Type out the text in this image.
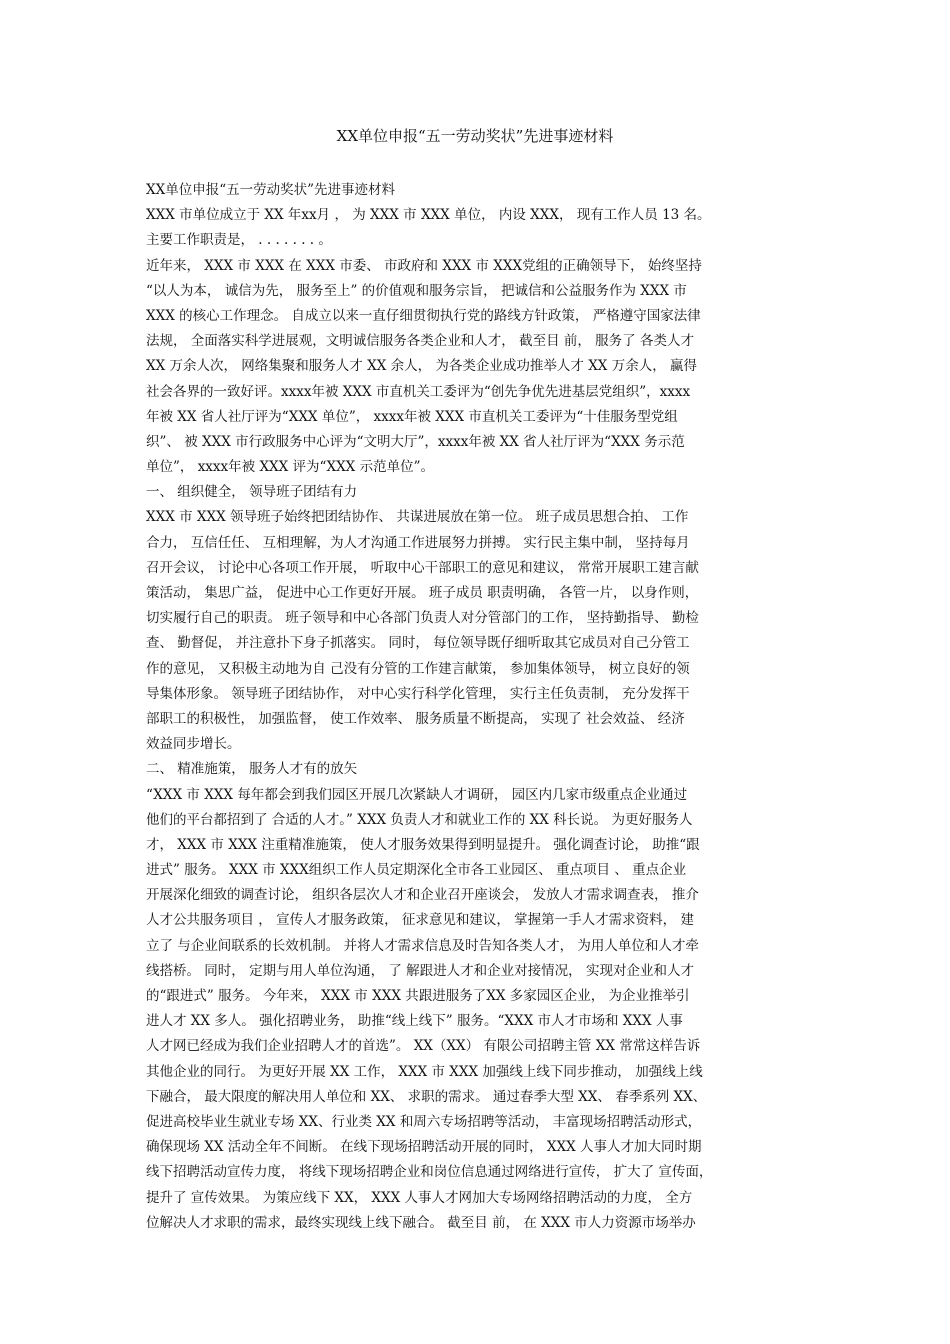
XX单位申报“五一劳动奖状”先进事迹材料
XX单位申报“五一劳动奖状”先进事迹材料
XXX 市单位成立于 XX 年xx月 ， 为 XXX 市 XXX 单位， 内设 XXX， 现有工作人员 13 名。
主要工作职责是， . . . . . . . 。
近年来， XXX 市 XXX 在 XXX 市委、 市政府和 XXX 市 XXX党组的正确领导下， 始终坚持
“以人为本， 诚信为先， 服务至上” 的价值观和服务宗旨， 把诚信和公益服务作为 XXX 市
XXX 的核心工作理念。 自成立以来一直仔细贯彻执行党的路线方针政策， 严格遵守国家法律
法规， 全面落实科学进展观，文明诚信服务各类企业和人才， 截至目 前， 服务了 各类人才
XX 万余人次， 网络集聚和服务人才 XX 余人， 为各类企业成功推举人才 XX 万余人， 赢得
社会各界的一致好评。xxxx年被 XXX 市直机关工委评为“创先争优先进基层党组织”，xxxx
年被 XX 省人社厅评为“XXX 单位”， xxxx年被 XXX 市直机关工委评为“十佳服务型党组
织”、 被 XXX 市行政服务中心评为“文明大厅”，xxxx年被 XX 省人社厅评为“XXX 务示范
单位”， xxxx年被 XXX 评为“XXX 示范单位”。
一、 组织健全， 领导班子团结有力
XXX 市 XXX 领导班子始终把团结协作、 共谋进展放在第一位。 班子成员思想合拍、 工作
合力， 互信任任、 互相理解，为人才沟通工作进展努力拼搏。 实行民主集中制， 坚持每月
召开会议， 讨论中心各项工作开展， 听取中心干部职工的意见和建议， 常常开展职工建言献
策活动， 集思广益， 促进中心工作更好开展。 班子成员 职责明确， 各管一片， 以身作则，
切实履行自己的职责。 班子领导和中心各部门负责人对分管部门的工作， 坚持勤指导、 勤检
查、 勤督促， 并注意扑下身子抓落实。 同时， 每位领导既仔细听取其它成员对自己分管工
作的意见， 又积极主动地为自 己没有分管的工作建言献策， 参加集体领导， 树立良好的领
导集体形象。 领导班子团结协作， 对中心实行科学化管理， 实行主任负责制， 充分发挥干
部职工的积极性， 加强监督， 使工作效率、 服务质量不断提高， 实现了 社会效益、 经济
效益同步增长。
二、 精准施策， 服务人才有的放矢
“XXX 市 XXX 每年都会到我们园区开展几次紧缺人才调研， 园区内几家市级重点企业通过
他们的平台都招到了 合适的人才。” XXX 负责人才和就业工作的 XX 科长说。 为更好服务人
才， XXX 市 XXX 注重精准施策， 使人才服务效果得到明显提升。 强化调查讨论， 助推“跟
进式” 服务。 XXX 市 XXX组织工作人员定期深化全市各工业园区、 重点项目 、 重点企业
开展深化细致的调查讨论， 组织各层次人才和企业召开座谈会， 发放人才需求调查表， 推介
人才公共服务项目 ， 宣传人才服务政策， 征求意见和建议， 掌握第一手人才需求资料， 建
立了 与企业间联系的长效机制。 并将人才需求信息及时告知各类人才， 为用人单位和人才牵
线搭桥。 同时， 定期与用人单位沟通， 了 解跟进人才和企业对接情况， 实现对企业和人才
的“跟进式” 服务。 今年来， XXX 市 XXX 共跟进服务了XX 多家园区企业， 为企业推举引
进人才 XX 多人。 强化招聘业务， 助推“线上线下” 服务。“XXX 市人才市场和 XXX 人事
人才网已经成为我们企业招聘人才的首选”。 XX（XX） 有限公司招聘主管 XX 常常这样告诉
其他企业的同行。 为更好开展 XX 工作， XXX 市 XXX 加强线上线下同步推动， 加强线上线
下融合， 最大限度的解决用人单位和 XX、 求职的需求。 通过春季大型 XX、 春季系列 XX、
促进高校毕业生就业专场 XX、行业类 XX 和周六专场招聘等活动， 丰富现场招聘活动形式，
确保现场 XX 活动全年不间断。 在线下现场招聘活动开展的同时， XXX 人事人才加大同时期
线下招聘活动宣传力度， 将线下现场招聘企业和岗位信息通过网络进行宣传， 扩大了 宣传面，
提升了 宣传效果。 为策应线下 XX， XXX 人事人才网加大专场网络招聘活动的力度， 全方
位解决人才求职的需求，最终实现线上线下融合。 截至目 前， 在 XXX 市人力资源市场举办
